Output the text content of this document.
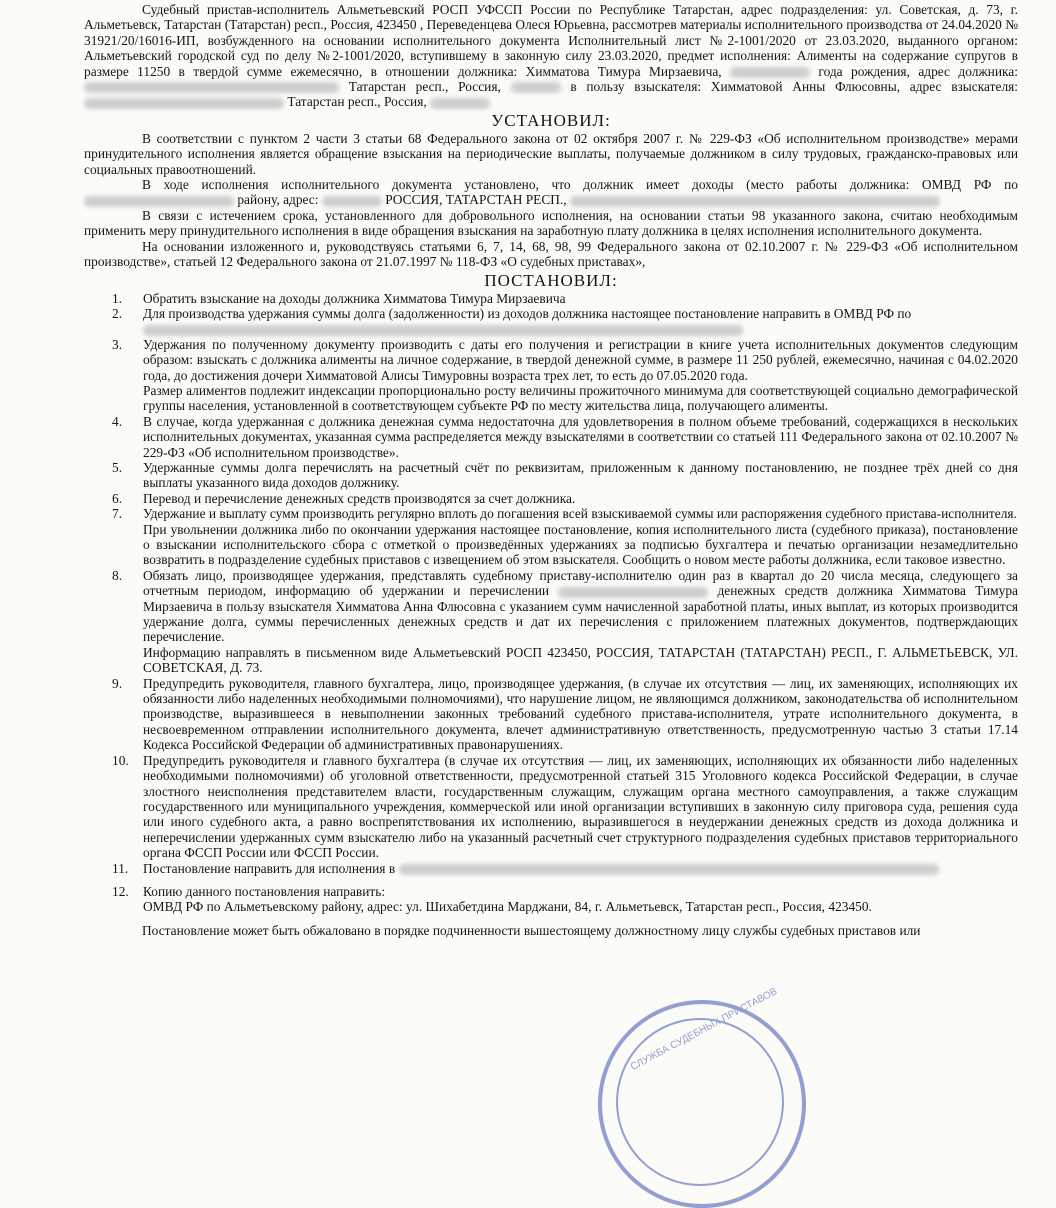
Судебный пристав-исполнитель Альметьевский РОСП УФССП России по Республике Татарстан, адрес подразделения: ул. Советская, д. 73, г. Альметьевск, Татарстан (Татарстан) респ., Россия, 423450 , Переведенцева Олеся Юрьевна, рассмотрев материалы исполнительного производства от 24.04.2020 № 31921/20/16016-ИП, возбужденного на основании исполнительного документа Исполнительный лист №2-1001/2020 от 23.03.2020, выданного органом: Альметьевский городской суд по делу №2-1001/2020, вступившему в законную силу 23.03.2020, предмет исполнения: Алименты на содержание супругов в размере 11250 в твердой сумме ежемесячно, в отношении должника: Химматова Тимура Мирзаевича,	года рождения, адрес должника:  Татарстан респ., Россия,	в пользу взыскателя: Химматовой Анны Флюсовны, адрес взыскателя:  Татарстан респ., Россия,

УСТАНОВИЛ:

В соответствии с пунктом 2 части 3 статьи 68 Федерального закона от 02 октября 2007 г. № 229-ФЗ «Об исполнительном производстве» мерами принудительного исполнения является обращение взыскания на периодические выплаты, получаемые должником в силу трудовых, гражданско-правовых или социальных правоотношений.

В ходе исполнения исполнительного документа установлено, что должник имеет доходы (место работы должника: ОМВД РФ по  району, адрес:	РОССИЯ, ТАТАРСТАН РЕСП.,

В связи с истечением срока, установленного для добровольного исполнения, на основании статьи 98 указанного закона, считаю необходимым применить меру принудительного исполнения в виде обращения взыскания на заработную плату должника в целях исполнения исполнительного документа.

На основании изложенного и, руководствуясь статьями 6, 7, 14, 68, 98, 99 Федерального закона от 02.10.2007 г. № 229-ФЗ «Об исполнительном производстве», статьей 12 Федерального закона от 21.07.1997 № 118-ФЗ «О судебных приставах»,

ПОСТАНОВИЛ:
1.	Обратить взыскание на доходы должника Химматова Тимура Мирзаевича
2.	Для производства удержания суммы долга (задолженности) из доходов должника настоящее постановление направить в ОМВД РФ по

3.	Удержания по полученному документу производить с даты его получения и регистрации в книге учета исполнительных документов следующим образом: взыскать с должника алименты на личное содержание, в твердой денежной сумме, в размере 11 250 рублей, ежемесячно, начиная с 04.02.2020 года, до достижения дочери Химматовой Алисы Тимуровны возраста трех лет, то есть до 07.05.2020 года.
Размер алиментов подлежит индексации пропорционально росту величины прожиточного минимума для соответствующей социально демографической группы населения, установленной в соответствующем субъекте РФ по месту жительства лица, получающего алименты.
4.	В случае, когда удержанная с должника денежная сумма недостаточна для удовлетворения в полном объеме требований, содержащихся в нескольких исполнительных документах, указанная сумма распределяется между взыскателями в соответствии со статьей 111 Федерального закона от 02.10.2007 № 229-ФЗ «Об исполнительном производстве».
5.	Удержанные суммы долга перечислять на расчетный счёт по реквизитам, приложенным к данному постановлению, не позднее трёх дней со дня выплаты указанного вида доходов должнику.
6.	Перевод и перечисление денежных средств производятся за счет должника.
7.	Удержание и выплату сумм производить регулярно вплоть до погашения всей взыскиваемой суммы или распоряжения судебного пристава-исполнителя.
При увольнении должника либо по окончании удержания настоящее постановление, копия исполнительного листа (судебного приказа), постановление о взыскании исполнительского сбора с отметкой о произведённых удержаниях за подписью бухгалтера и печатью организации незамедлительно возвратить в подразделение судебных приставов с извещением об этом взыскателя. Сообщить о новом месте работы должника, если таковое известно.
8.	Обязать лицо, производящее удержания, представлять судебному приставу-исполнителю один раз в квартал до 20 числа месяца, следующего за отчетным периодом, информацию об удержании и перечислении	денежных средств должника Химматова Тимура Мирзаевича в пользу взыскателя Химматова Анна Флюсовна с указанием сумм начисленной заработной платы, иных выплат, из которых производится удержание долга, суммы перечисленных денежных средств и дат их перечисления с приложением платежных документов, подтверждающих перечисление.
Информацию направлять в письменном виде Альметьевский РОСП 423450, РОССИЯ, ТАТАРСТАН (ТАТАРСТАН) РЕСП., Г. АЛЬМЕТЬЕВСК, УЛ. СОВЕТСКАЯ, Д. 73.
9.	Предупредить руководителя, главного бухгалтера, лицо, производящее удержания, (в случае их отсутствия — лиц, их заменяющих, исполняющих их обязанности либо наделенных необходимыми полномочиями), что нарушение лицом, не являющимся должником, законодательства об исполнительном производстве, выразившееся в невыполнении законных требований судебного пристава-исполнителя, утрате исполнительного документа, в несвоевременном отправлении исполнительного документа, влечет административную ответственность, предусмотренную частью 3 статьи 17.14 Кодекса Российской Федерации об административных правонарушениях.
10.	Предупредить руководителя и главного бухгалтера (в случае их отсутствия — лиц, их заменяющих, исполняющих их обязанности либо наделенных необходимыми полномочиями) об уголовной ответственности, предусмотренной статьей 315 Уголовного кодекса Российской Федерации, в случае злостного неисполнения представителем власти, государственным служащим, служащим органа местного самоуправления, а также служащим государственного или муниципального учреждения, коммерческой или иной организации вступивших в законную силу приговора суда, решения суда или иного судебного акта, а равно воспрепятствования их исполнению, выразившегося в неудержании денежных средств из дохода должника и неперечислении удержанных сумм взыскателю либо на указанный расчетный счет структурного подразделения судебных приставов территориального органа ФССП России или ФССП России.
11.	Постановление направить для исполнения в
12.	Копию данного постановления направить:
ОМВД РФ по Альметьевскому району, адрес: ул. Шихабетдина Марджани, 84, г. Альметьевск, Татарстан респ., Россия, 423450.

Постановление может быть обжаловано в порядке подчиненности вышестоящему должностному лицу службы судебных приставов или

СЛУЖБА СУДЕБНЫХ ПРИСТАВОВ
